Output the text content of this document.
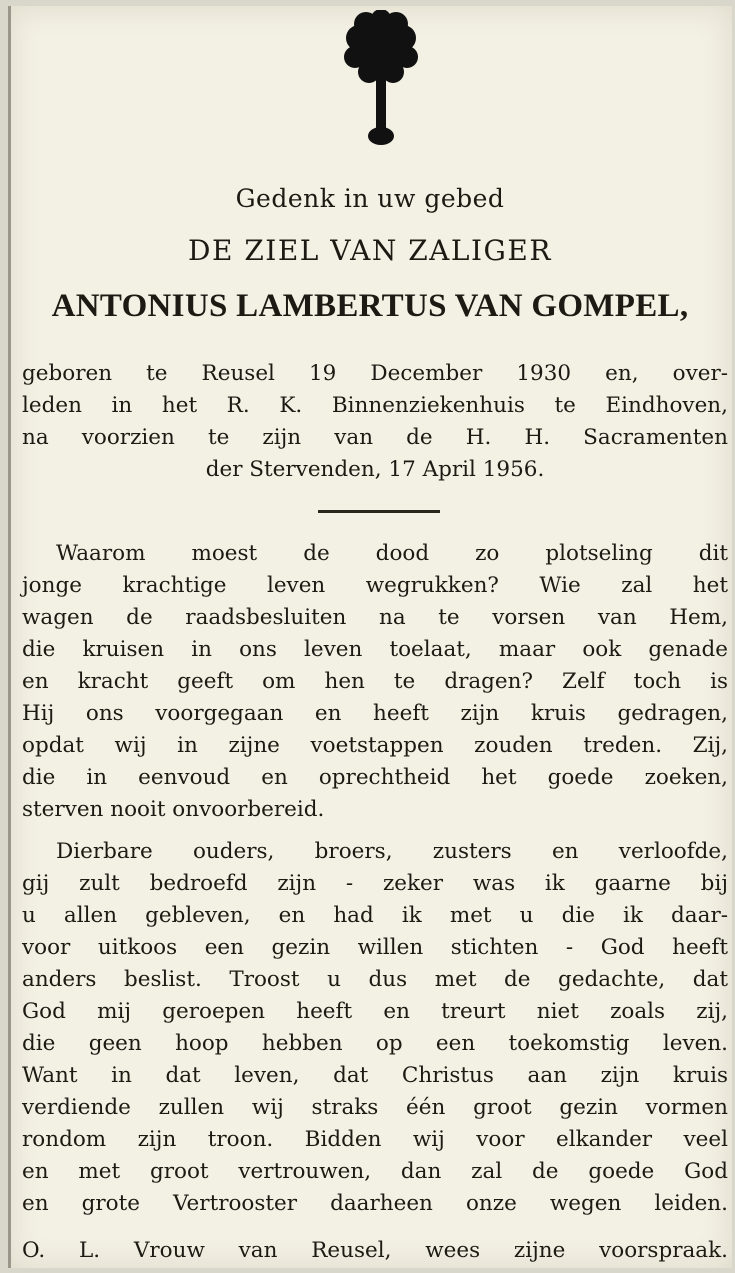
Gedenk in uw gebed
DE ZIEL VAN ZALIGER
ANTONIUS LAMBERTUS VAN GOMPEL,
geboren te Reusel 19 December 1930 en, over-
leden in het R. K. Binnenziekenhuis te Eindhoven,
na voorzien te zijn van de H. H. Sacramenten
der Stervenden, 17 April 1956.
Waarom moest de dood zo plotseling dit
jonge krachtige leven wegrukken? Wie zal het
wagen de raadsbesluiten na te vorsen van Hem,
die kruisen in ons leven toelaat, maar ook genade
en kracht geeft om hen te dragen? Zelf toch is
Hij ons voorgegaan en heeft zijn kruis gedragen,
opdat wij in zijne voetstappen zouden treden. Zij,
die in eenvoud en oprechtheid het goede zoeken,
sterven nooit onvoorbereid.
Dierbare ouders, broers, zusters en verloofde,
gij zult bedroefd zijn - zeker was ik gaarne bij
u allen gebleven, en had ik met u die ik daar-
voor uitkoos een gezin willen stichten - God heeft
anders beslist. Troost u dus met de gedachte, dat
God mij geroepen heeft en treurt niet zoals zij,
die geen hoop hebben op een toekomstig leven.
Want in dat leven, dat Christus aan zijn kruis
verdiende zullen wij straks één groot gezin vormen
rondom zijn troon. Bidden wij voor elkander veel
en met groot vertrouwen, dan zal de goede God
en grote Vertrooster daarheen onze wegen leiden.
O. L. Vrouw van Reusel, wees zijne voorspraak.
